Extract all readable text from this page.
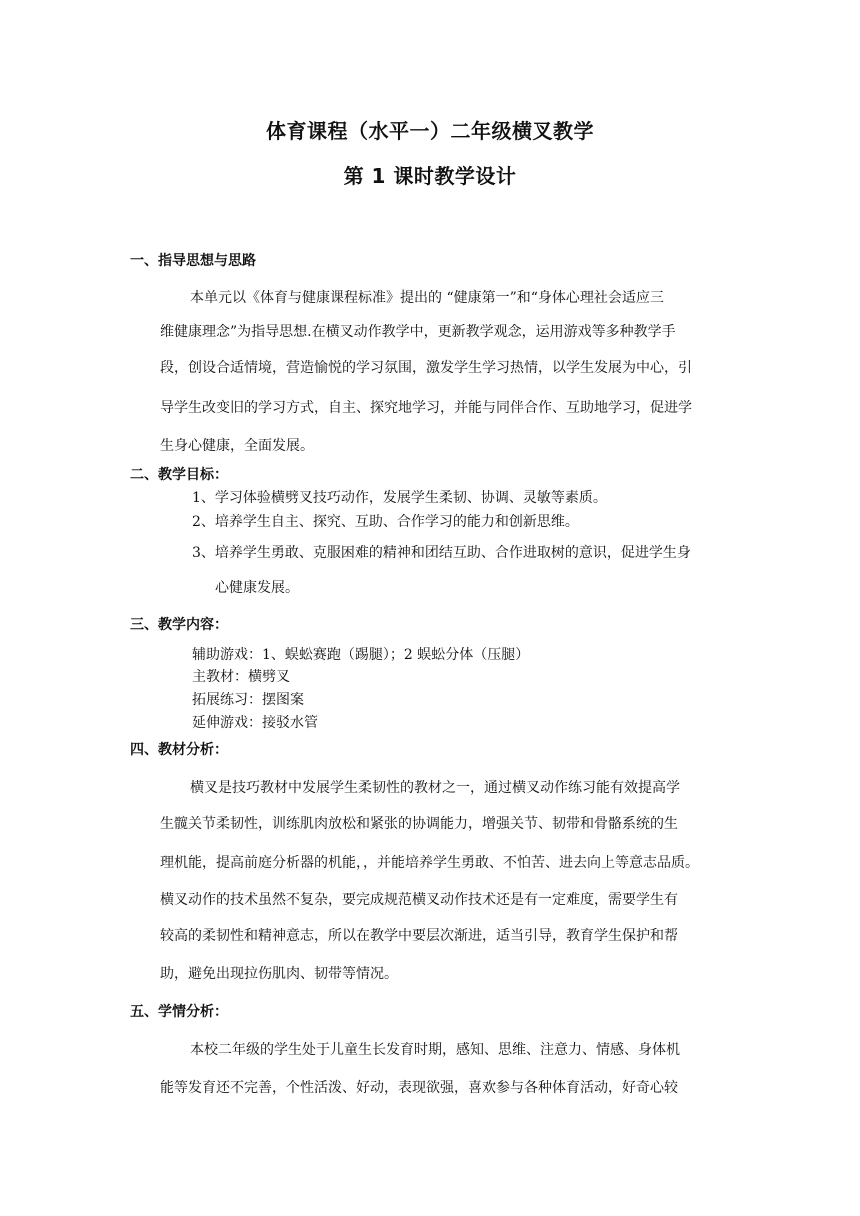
体育课程（水平一）二年级横叉教学
第 1 课时教学设计
一、指导思想与思路
本单元以《体育与健康课程标准》提出的 “健康第一”和“身体心理社会适应三
维健康理念”为指导思想.在横叉动作教学中，更新教学观念，运用游戏等多种教学手
段，创设合适情境，营造愉悦的学习氛围，激发学生学习热情，以学生发展为中心，引
导学生改变旧的学习方式，自主、探究地学习，并能与同伴合作、互助地学习，促进学
生身心健康，全面发展。
二、教学目标：
1、学习体验横劈叉技巧动作，发展学生柔韧、协调、灵敏等素质。
2、培养学生自主、探究、互助、合作学习的能力和创新思维。
3、培养学生勇敢、克服困难的精神和团结互助、合作进取树的意识，促进学生身
心健康发展。
三、教学内容：
辅助游戏：1、蜈蚣赛跑（踢腿）；2 蜈蚣分体（压腿）
主教材：横劈叉
拓展练习：摆图案
延伸游戏：接驳水管
四、教材分析：
横叉是技巧教材中发展学生柔韧性的教材之一，通过横叉动作练习能有效提高学
生髋关节柔韧性，训练肌肉放松和紧张的协调能力，增强关节、韧带和骨骼系统的生
理机能，提高前庭分析器的机能，，并能培养学生勇敢、不怕苦、进去向上等意志品质。
横叉动作的技术虽然不复杂，要完成规范横叉动作技术还是有一定难度，需要学生有
较高的柔韧性和精神意志，所以在教学中要层次渐进，适当引导，教育学生保护和帮
助，避免出现拉伤肌肉、韧带等情况。
五、学情分析：
本校二年级的学生处于儿童生长发育时期，感知、思维、注意力、情感、身体机
能等发育还不完善，个性活泼、好动，表现欲强，喜欢参与各种体育活动，好奇心较
